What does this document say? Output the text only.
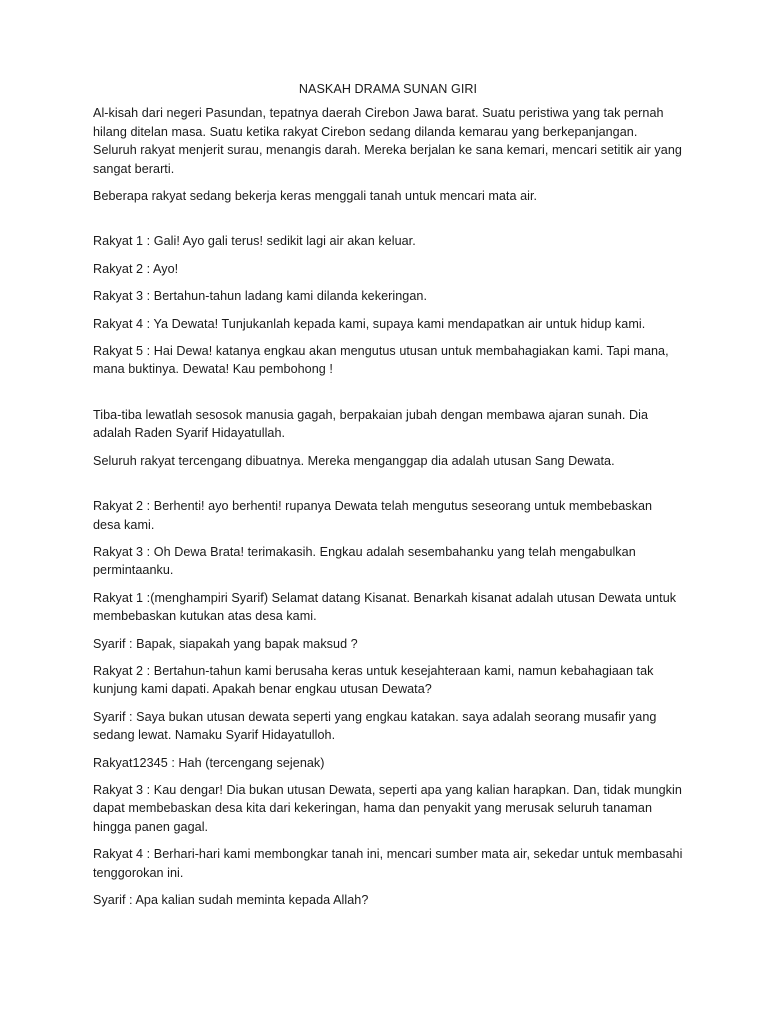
NASKAH DRAMA SUNAN GIRI

Al-kisah dari negeri Pasundan, tepatnya daerah Cirebon Jawa barat. Suatu peristiwa yang tak pernah hilang ditelan masa. Suatu ketika rakyat Cirebon sedang dilanda kemarau yang berkepanjangan. Seluruh rakyat menjerit surau, menangis darah. Mereka berjalan ke sana kemari, mencari setitik air yang sangat berarti.

Beberapa rakyat sedang bekerja keras menggali tanah untuk mencari mata air.

Rakyat 1 : Gali! Ayo gali terus! sedikit lagi air akan keluar.

Rakyat 2 : Ayo!

Rakyat 3 : Bertahun-tahun ladang kami dilanda kekeringan.

Rakyat 4 : Ya Dewata! Tunjukanlah kepada kami, supaya kami mendapatkan air untuk hidup kami.

Rakyat 5 : Hai Dewa! katanya engkau akan mengutus utusan untuk membahagiakan kami. Tapi mana, mana buktinya. Dewata! Kau pembohong !

Tiba-tiba lewatlah sesosok manusia gagah, berpakaian jubah dengan membawa ajaran sunah. Dia adalah Raden Syarif Hidayatullah.

Seluruh rakyat tercengang dibuatnya. Mereka menganggap dia adalah utusan Sang Dewata.

Rakyat 2 : Berhenti! ayo berhenti! rupanya Dewata telah mengutus seseorang untuk membebaskan desa kami.

Rakyat 3 : Oh Dewa Brata! terimakasih. Engkau adalah sesembahanku yang telah mengabulkan permintaanku.

Rakyat 1 :(menghampiri Syarif) Selamat datang Kisanat. Benarkah kisanat adalah utusan Dewata untuk membebaskan kutukan atas desa kami.

Syarif : Bapak, siapakah yang bapak maksud ?

Rakyat 2 : Bertahun-tahun kami berusaha keras untuk kesejahteraan kami, namun kebahagiaan tak kunjung kami dapati. Apakah benar engkau utusan Dewata?

Syarif : Saya bukan utusan dewata seperti yang engkau katakan. saya adalah seorang musafir yang sedang lewat. Namaku Syarif Hidayatulloh.

Rakyat12345 : Hah (tercengang sejenak)

Rakyat 3 : Kau dengar! Dia bukan utusan Dewata, seperti apa yang kalian harapkan. Dan, tidak mungkin dapat membebaskan desa kita dari kekeringan, hama dan penyakit yang merusak seluruh tanaman hingga panen gagal.

Rakyat 4 : Berhari-hari kami membongkar tanah ini, mencari sumber mata air, sekedar untuk membasahi tenggorokan ini.

Syarif : Apa kalian sudah meminta kepada Allah?
